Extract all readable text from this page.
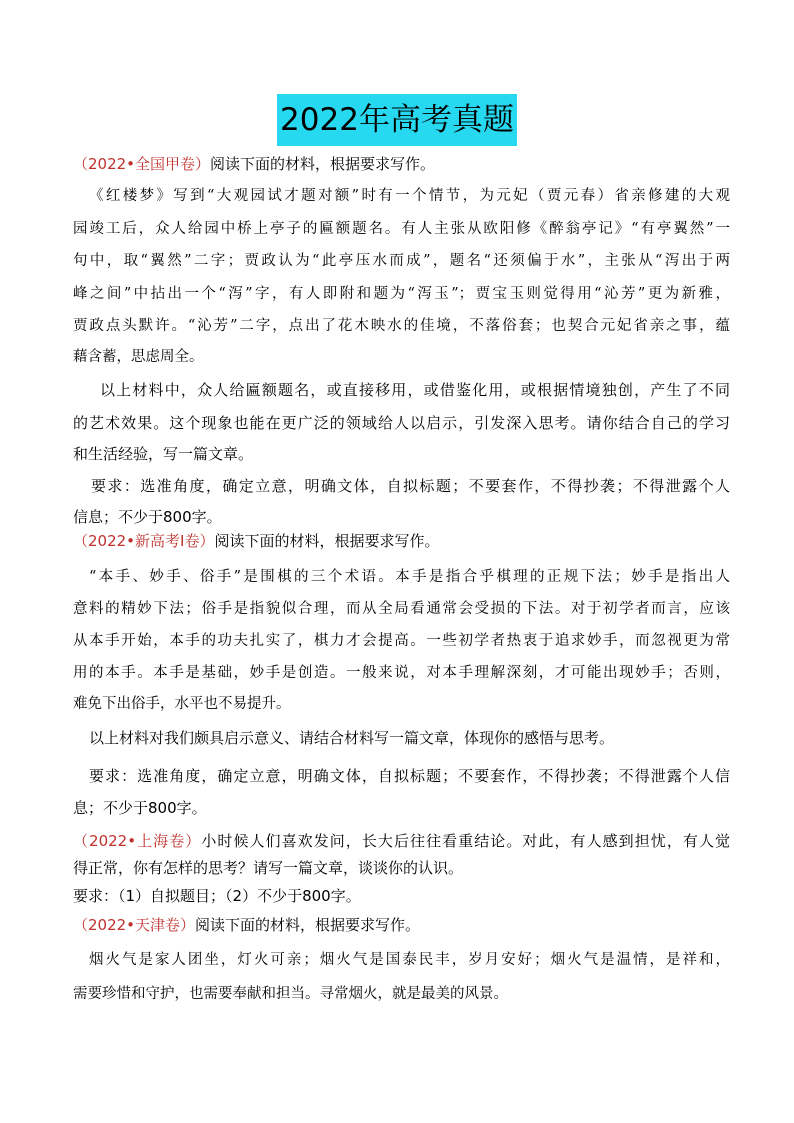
2022年高考真题
（2022•全国甲卷）阅读下面的材料，根据要求写作。
《红楼梦》写到“大观园试才题对额”时有一个情节，为元妃（贾元春）省亲修建的大观
园竣工后，众人给园中桥上亭子的匾额题名。有人主张从欧阳修《醉翁亭记》“有亭翼然”一
句中，取“翼然”二字；贾政认为“此亭压水而成”，题名“还须偏于水”，主张从“泻出于两
峰之间”中拈出一个“泻”字，有人即附和题为“泻玉”；贾宝玉则觉得用“沁芳”更为新雅，
贾政点头默许。“沁芳”二字，点出了花木映水的佳境，不落俗套；也契合元妃省亲之事，蕴
藉含蓄，思虑周全。
以上材料中，众人给匾额题名，或直接移用，或借鉴化用，或根据情境独创，产生了不同
的艺术效果。这个现象也能在更广泛的领域给人以启示，引发深入思考。请你结合自己的学习
和生活经验，写一篇文章。
要求：选准角度，确定立意，明确文体，自拟标题；不要套作，不得抄袭；不得泄露个人
信息；不少于800字。
（2022•新高考Ⅰ卷）阅读下面的材料，根据要求写作。
“本手、妙手、俗手”是围棋的三个术语。本手是指合乎棋理的正规下法；妙手是指出人
意料的精妙下法；俗手是指貌似合理，而从全局看通常会受损的下法。对于初学者而言，应该
从本手开始，本手的功夫扎实了，棋力才会提高。一些初学者热衷于追求妙手，而忽视更为常
用的本手。本手是基础，妙手是创造。一般来说，对本手理解深刻，才可能出现妙手；否则，
难免下出俗手，水平也不易提升。
以上材料对我们颇具启示意义、请结合材料写一篇文章，体现你的感悟与思考。
要求：选准角度，确定立意，明确文体，自拟标题；不要套作，不得抄袭；不得泄露个人信
息；不少于800字。
（2022•上海卷）小时候人们喜欢发问，长大后往往看重结论。对此，有人感到担忧，有人觉
得正常，你有怎样的思考？请写一篇文章，谈谈你的认识。
要求：（1）自拟题目；（2）不少于800字。
（2022•天津卷）阅读下面的材料，根据要求写作。
烟火气是家人团坐，灯火可亲；烟火气是国泰民丰，岁月安好；烟火气是温情，是祥和，
需要珍惜和守护，也需要奉献和担当。寻常烟火，就是最美的风景。
